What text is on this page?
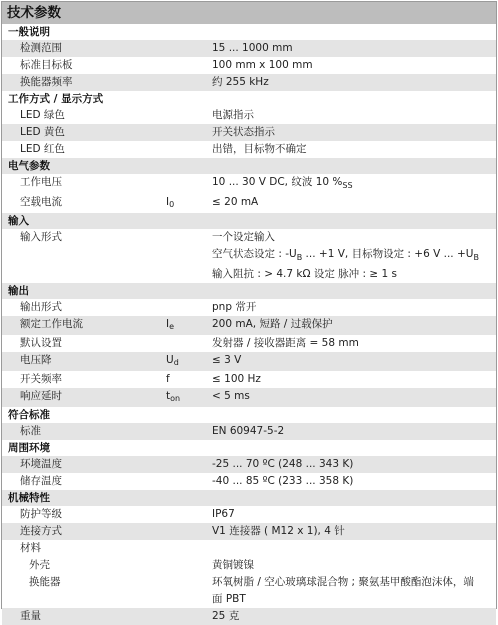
技术参数
一般说明
检测范围	15 ... 1000 mm
标准目标板	100 mm x 100 mm
换能器频率	约 255 kHz
工作方式 / 显示方式
LED 绿色	电源指示
LED 黄色	开关状态指示
LED 红色	出错，目标物不确定
电气参数
工作电压	10 ... 30 V DC, 纹波 10 $\%_{SS}$
空载电流	$I_0$	≤ 20 mA
输入
输入形式	一个设定输入
空气状态设定 : $-U_B$ ... +1 V, 目标物设定 : +6 V ... $+U_B$
输入阻抗 : > 4.7 kΩ 设定 脉冲 : ≥ 1 s
输出
输出形式	pnp 常开
额定工作电流	$I_e$	200 mA, 短路 / 过载保护
默认设置	发射器 / 接收器距离 = 58 mm
电压降	$U_d$	≤ 3 V
开关频率	f	≤ 100 Hz
响应延时	$t_{on}$	< 5 ms
符合标准
标准	EN 60947-5-2
周围环境
环境温度	-25 ... 70 ºC (248 ... 343 K)
储存温度	-40 ... 85 ºC (233 ... 358 K)
机械特性
防护等级	IP67
连接方式	V1 连接器 ( M12 x 1), 4 针
材料
外壳	黄铜镀镍
换能器	环氧树脂 / 空心玻璃球混合物 ; 聚氨基甲酸酯泡沫体，端
面 PBT
重量	25 克
